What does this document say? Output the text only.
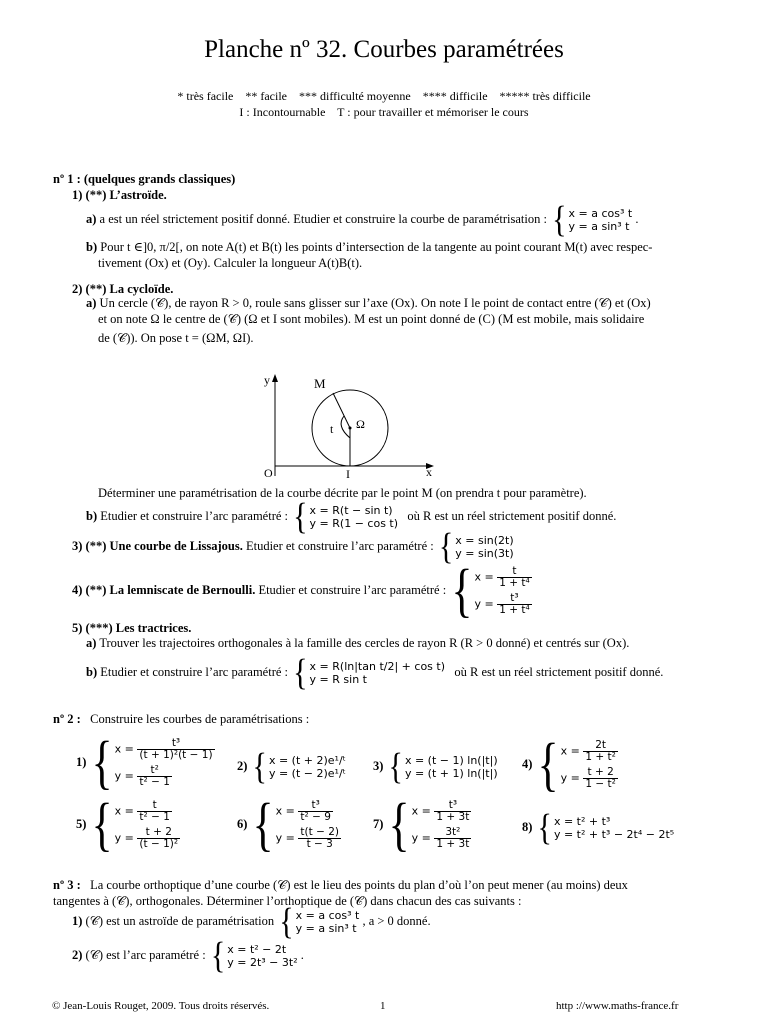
Planche nº 32. Courbes paramétrées
* très facile    ** facile    *** difficulté moyenne    **** difficile    ***** très difficile
I : Incontournable    T : pour travailler et mémoriser le cours
nº 1 : (quelques grands classiques)
1) (**) L’astroïde.
a) a est un réel strictement positif donné. Etudier et construire la courbe de paramétrisation : { x = a cos³ t
y = a sin³ t
.
b) Pour t ∈]0, π/2[, on note A(t) et B(t) les points d’intersection de la tangente au point courant M(t) avec respec-
tivement (Ox) et (Oy). Calculer la longueur A(t)B(t).
2) (**) La cycloïde.
a) Un cercle (𝒞), de rayon R > 0, roule sans glisser sur l’axe (Ox). On note I le point de contact entre (𝒞) et (Ox)
et on note Ω le centre de (𝒞) (Ω et I sont mobiles). M est un point donné de (C) (M est mobile, mais solidaire
de (𝒞)). On pose t = (ΩM, ΩI).
y	M
t Ω
O	I	x
Déterminer une paramétrisation de la courbe décrite par le point M (on prendra t pour paramètre).
b) Etudier et construire l’arc paramétré : { x = R(t − sin t)
y = R(1 − cos t)
où R est un réel strictement positif donné.
3) (**) Une courbe de Lissajous. Etudier et construire l’arc paramétré : { x = sin(2t)
y = sin(3t)
4) (**) La lemniscate de Bernoulli. Etudier et construire l’arc paramétré : { $x = \frac{t}{\text{1 + t⁴}}$
$y = \frac{\text{t³}}{\text{1 + t⁴}}$
5) (***) Les tractrices.
a) Trouver les trajectoires orthogonales à la famille des cercles de rayon R (R > 0 donné) et centrés sur (Ox).
b) Etudier et construire l’arc paramétré : { x = R(ln|tan t/2| + cos t)
y = R sin t
où R est un réel strictement positif donné.
nº 2 : Construire les courbes de paramétrisations :
1) { $x = \frac{\text{t³}}{\text{(t + 1)²(t − 1)}}$
$y = \frac{\text{t²}}{\text{t² − 1}}$	2) { x = (t + 2)e¹/ᵗ
y = (t − 2)e¹/ᵗ
3) { x = (t − 1) ln(|t|)
y = (t + 1) ln(|t|)
4) { $x = \frac{2t}{\text{1 + t²}}$
$y = \frac{t + 2}{\text{1 − t²}}$
5) { $x = \frac{t}{\text{t² − 1}}$
$y = \frac{t + 2}{\text{(t − 1)²}}$
6) { $x = \frac{\text{t³}}{\text{t² − 9}}$
$y = \frac{t(t - 2)}{t - 3}$
7) { $x = \frac{\text{t³}}{1 + 3t}$
$y = \frac{\text{3t²}}{1 + 3t}$
8) { x = t² + t³
y = t² + t³ − 2t⁴ − 2t⁵
nº 3 : La courbe orthoptique d’une courbe (𝒞) est le lieu des points du plan d’où l’on peut mener (au moins) deux
tangentes à (𝒞), orthogonales. Déterminer l’orthoptique de (𝒞) dans chacun des cas suivants :
1) (𝒞) est un astroïde de paramétrisation { x = a cos³ t
y = a sin³ t
, a > 0 donné.
2) (𝒞) est l’arc paramétré : { x = t² − 2t
y = 2t³ − 3t²
.
© Jean-Louis Rouget, 2009. Tous droits réservés.	1	http ://www.maths-france.fr
